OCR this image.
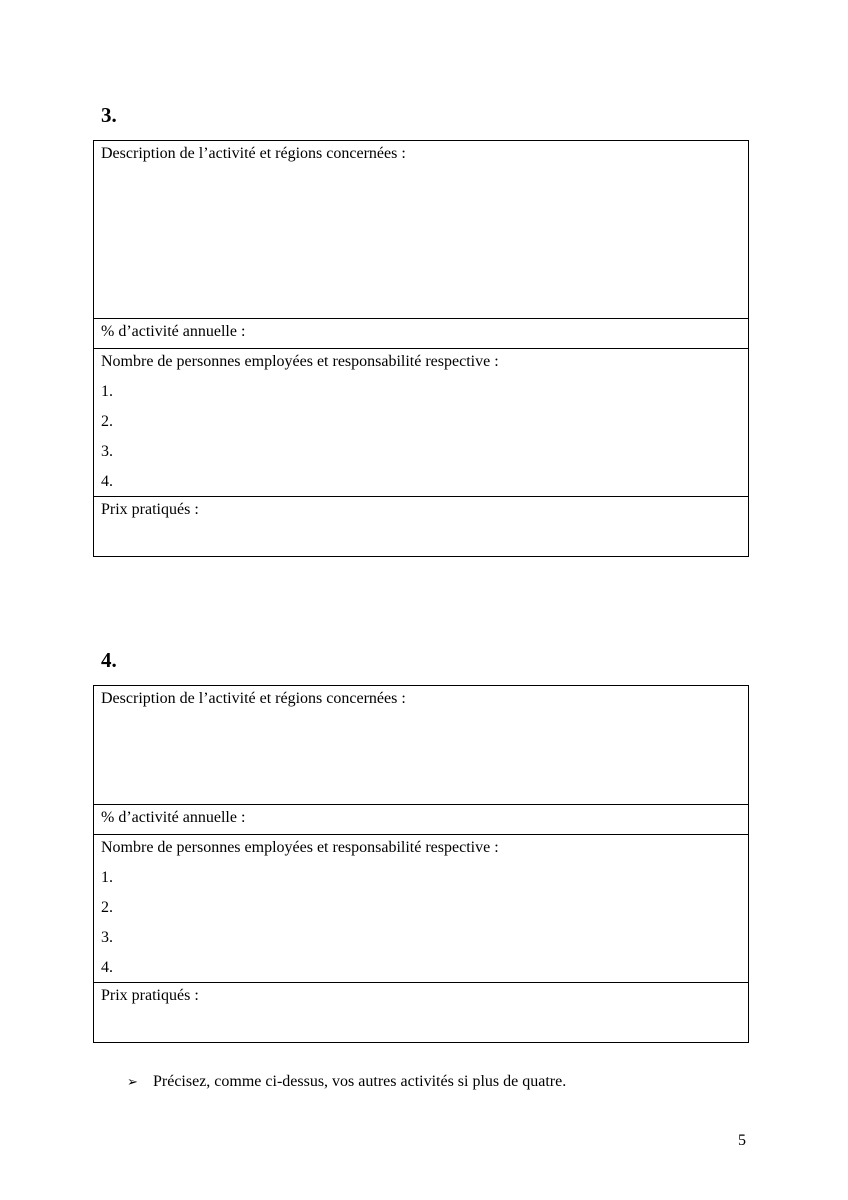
3.
Description de l’activité et régions concernées :
% d’activité annuelle :
Nombre de personnes employées et responsabilité respective :
1.
2.
3.
4.
Prix pratiqués :
4.
Description de l’activité et régions concernées :
% d’activité annuelle :
Nombre de personnes employées et responsabilité respective :
1.
2.
3.
4.
Prix pratiqués :
➢ Précisez, comme ci-dessus, vos autres activités si plus de quatre.
5
